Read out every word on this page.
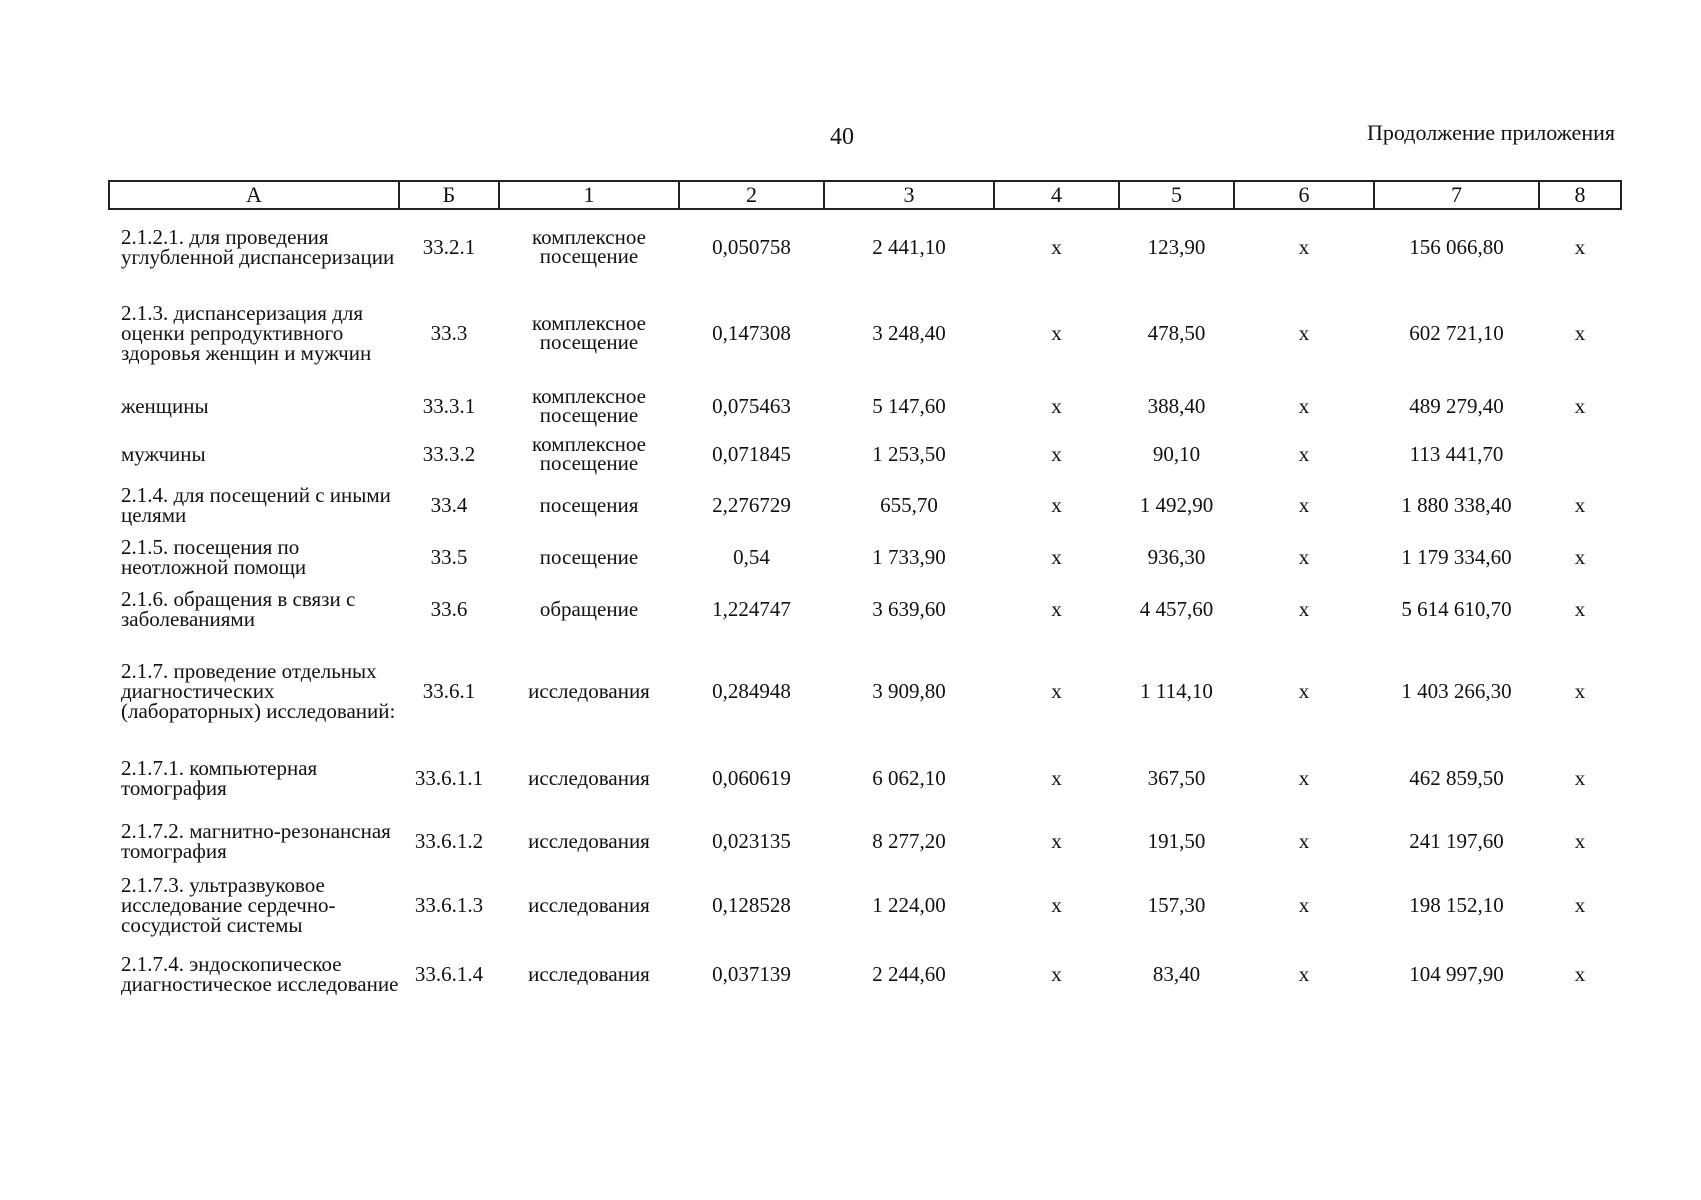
40	Продолжение приложения
А	Б	1	2	3	4	5	6	7	8
2.1.2.1. для проведения углубленной диспансеризации	33.2.1	комплексное посещение	0,050758	2 441,10	х	123,90	х	156 066,80	х
2.1.3. диспансеризация для оценки репродуктивного здоровья женщин и мужчин	33.3	комплексное посещение	0,147308	3 248,40	х	478,50	х	602 721,10	х
женщины	33.3.1	комплексное посещение	0,075463	5 147,60	х	388,40	х	489 279,40	х
мужчины	33.3.2	комплексное посещение	0,071845	1 253,50	х	90,10	х	113 441,70	
2.1.4. для посещений с иными целями	33.4	посещения	2,276729	655,70	х	1 492,90	х	1 880 338,40	х
2.1.5. посещения по неотложной помощи	33.5	посещение	0,54	1 733,90	х	936,30	х	1 179 334,60	х
2.1.6. обращения в связи с заболеваниями	33.6	обращение	1,224747	3 639,60	х	4 457,60	х	5 614 610,70	х
2.1.7. проведение отдельных диагностических (лабораторных) исследований:	33.6.1	исследования	0,284948	3 909,80	х	1 114,10	х	1 403 266,30	х
2.1.7.1. компьютерная томография	33.6.1.1	исследования	0,060619	6 062,10	х	367,50	х	462 859,50	х
2.1.7.2. магнитно-резонансная томография	33.6.1.2	исследования	0,023135	8 277,20	х	191,50	х	241 197,60	х
2.1.7.3. ультразвуковое исследование сердечно-сосудистой системы	33.6.1.3	исследования	0,128528	1 224,00	х	157,30	х	198 152,10	х
2.1.7.4. эндоскопическое диагностическое исследование	33.6.1.4	исследования	0,037139	2 244,60	х	83,40	х	104 997,90	х
